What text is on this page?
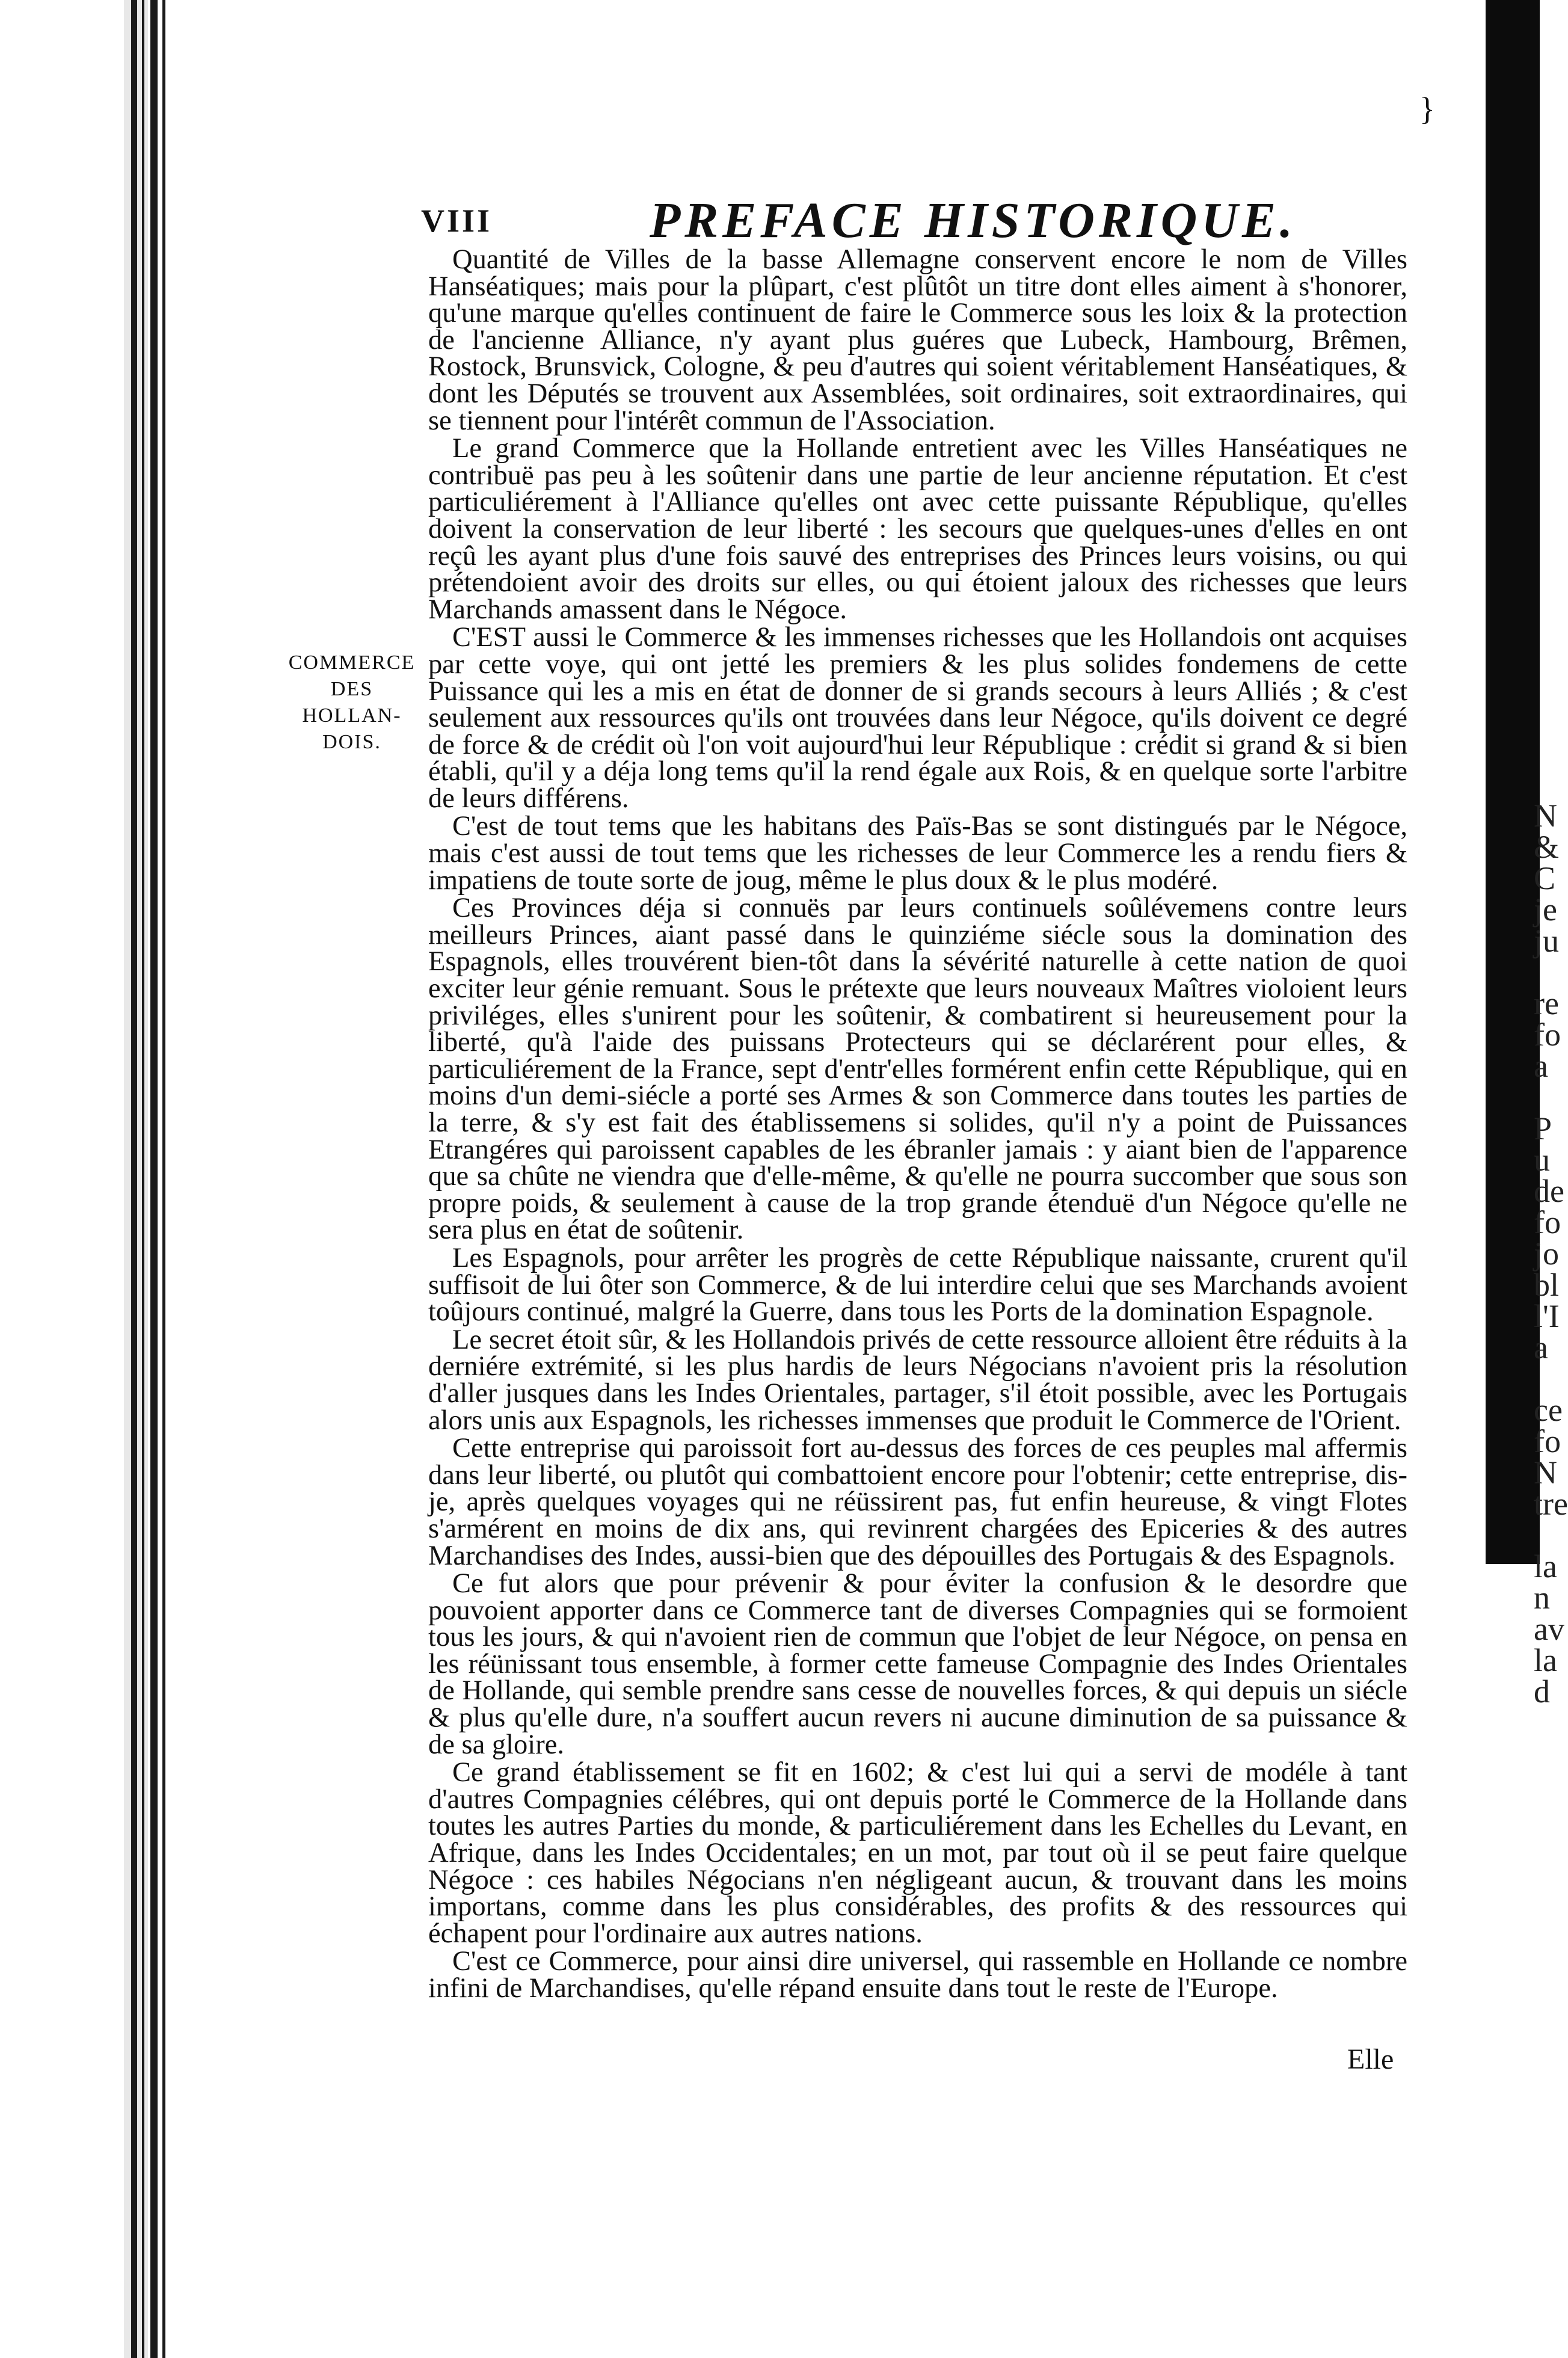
N
&
C
je
ju

re
fo
a

P
u
de
fo
jo
bl
l'I
a

ce
fo
N
tre

la
n
av
la
d
}
VIII	PREFACE HISTORIQUE.
COMMERCE
DES
HOLLAN-
DOIS.

Quantité de Villes de la basse Allemagne conservent encore le nom de Villes Hanséatiques; mais pour la plûpart, c'est plûtôt un titre dont elles aiment à s'honorer, qu'une marque qu'elles continuent de faire le Commerce sous les loix & la protection de l'ancienne Alliance, n'y ayant plus guéres que Lubeck, Hambourg, Brêmen, Rostock, Brunsvick, Cologne, & peu d'autres qui soient véritablement Hanséatiques, & dont les Députés se trouvent aux Assemblées, soit ordinaires, soit extraordinaires, qui se tiennent pour l'intérêt commun de l'Association.

Le grand Commerce que la Hollande entretient avec les Villes Hanséatiques ne contribuë pas peu à les soûtenir dans une partie de leur ancienne réputation. Et c'est particuliérement à l'Alliance qu'elles ont avec cette puissante République, qu'elles doivent la conservation de leur liberté : les secours que quelques-unes d'elles en ont reçû les ayant plus d'une fois sauvé des entreprises des Princes leurs voisins, ou qui prétendoient avoir des droits sur elles, ou qui étoient jaloux des richesses que leurs Marchands amassent dans le Négoce.

C'EST aussi le Commerce & les immenses richesses que les Hollandois ont acquises par cette voye, qui ont jetté les premiers & les plus solides fondemens de cette Puissance qui les a mis en état de donner de si grands secours à leurs Alliés ; & c'est seulement aux ressources qu'ils ont trouvées dans leur Négoce, qu'ils doivent ce degré de force & de crédit où l'on voit aujourd'hui leur République : crédit si grand & si bien établi, qu'il y a déja long tems qu'il la rend égale aux Rois, & en quelque sorte l'arbitre de leurs différens.

C'est de tout tems que les habitans des Païs-Bas se sont distingués par le Négoce, mais c'est aussi de tout tems que les richesses de leur Commerce les a rendu fiers & impatiens de toute sorte de joug, même le plus doux & le plus modéré.

Ces Provinces déja si connuës par leurs continuels soûlévemens contre leurs meilleurs Princes, aiant passé dans le quinziéme siécle sous la domination des Espagnols, elles trouvérent bien-tôt dans la sévérité naturelle à cette nation de quoi exciter leur génie remuant. Sous le prétexte que leurs nouveaux Maîtres violoient leurs priviléges, elles s'unirent pour les soûtenir, & combatirent si heureusement pour la liberté, qu'à l'aide des puissans Protecteurs qui se déclarérent pour elles, & particuliérement de la France, sept d'entr'elles formérent enfin cette République, qui en moins d'un demi-siécle a porté ses Armes & son Commerce dans toutes les parties de la terre, & s'y est fait des établissemens si solides, qu'il n'y a point de Puissances Etrangéres qui paroissent capables de les ébranler jamais : y aiant bien de l'apparence que sa chûte ne viendra que d'elle-même, & qu'elle ne pourra succomber que sous son propre poids, & seulement à cause de la trop grande étenduë d'un Négoce qu'elle ne sera plus en état de soûtenir.

Les Espagnols, pour arrêter les progrès de cette République naissante, crurent qu'il suffisoit de lui ôter son Commerce, & de lui interdire celui que ses Marchands avoient toûjours continué, malgré la Guerre, dans tous les Ports de la domination Espagnole.

Le secret étoit sûr, & les Hollandois privés de cette ressource alloient être réduits à la derniére extrémité, si les plus hardis de leurs Négocians n'avoient pris la résolution d'aller jusques dans les Indes Orientales, partager, s'il étoit possible, avec les Portugais alors unis aux Espagnols, les richesses immenses que produit le Commerce de l'Orient.

Cette entreprise qui paroissoit fort au-dessus des forces de ces peuples mal affermis dans leur liberté, ou plutôt qui combattoient encore pour l'obtenir; cette entreprise, dis-je, après quelques voyages qui ne réüssirent pas, fut enfin heureuse, & vingt Flotes s'armérent en moins de dix ans, qui revinrent chargées des Epiceries & des autres Marchandises des Indes, aussi-bien que des dépouilles des Portugais & des Espagnols.

Ce fut alors que pour prévenir & pour éviter la confusion & le desordre que pouvoient apporter dans ce Commerce tant de diverses Compagnies qui se formoient tous les jours, & qui n'avoient rien de commun que l'objet de leur Négoce, on pensa en les réünissant tous ensemble, à former cette fameuse Compagnie des Indes Orientales de Hollande, qui semble prendre sans cesse de nouvelles forces, & qui depuis un siécle & plus qu'elle dure, n'a souffert aucun revers ni aucune diminution de sa puissance & de sa gloire.

Ce grand établissement se fit en 1602; & c'est lui qui a servi de modéle à tant d'autres Compagnies célébres, qui ont depuis porté le Commerce de la Hollande dans toutes les autres Parties du monde, & particuliérement dans les Echelles du Levant, en Afrique, dans les Indes Occidentales; en un mot, par tout où il se peut faire quelque Négoce : ces habiles Négocians n'en négligeant aucun, & trouvant dans les moins importans, comme dans les plus considérables, des profits & des ressources qui échapent pour l'ordinaire aux autres nations.

C'est ce Commerce, pour ainsi dire universel, qui rassemble en Hollande ce nombre infini de Marchandises, qu'elle répand ensuite dans tout le reste de l'Europe.

Elle
